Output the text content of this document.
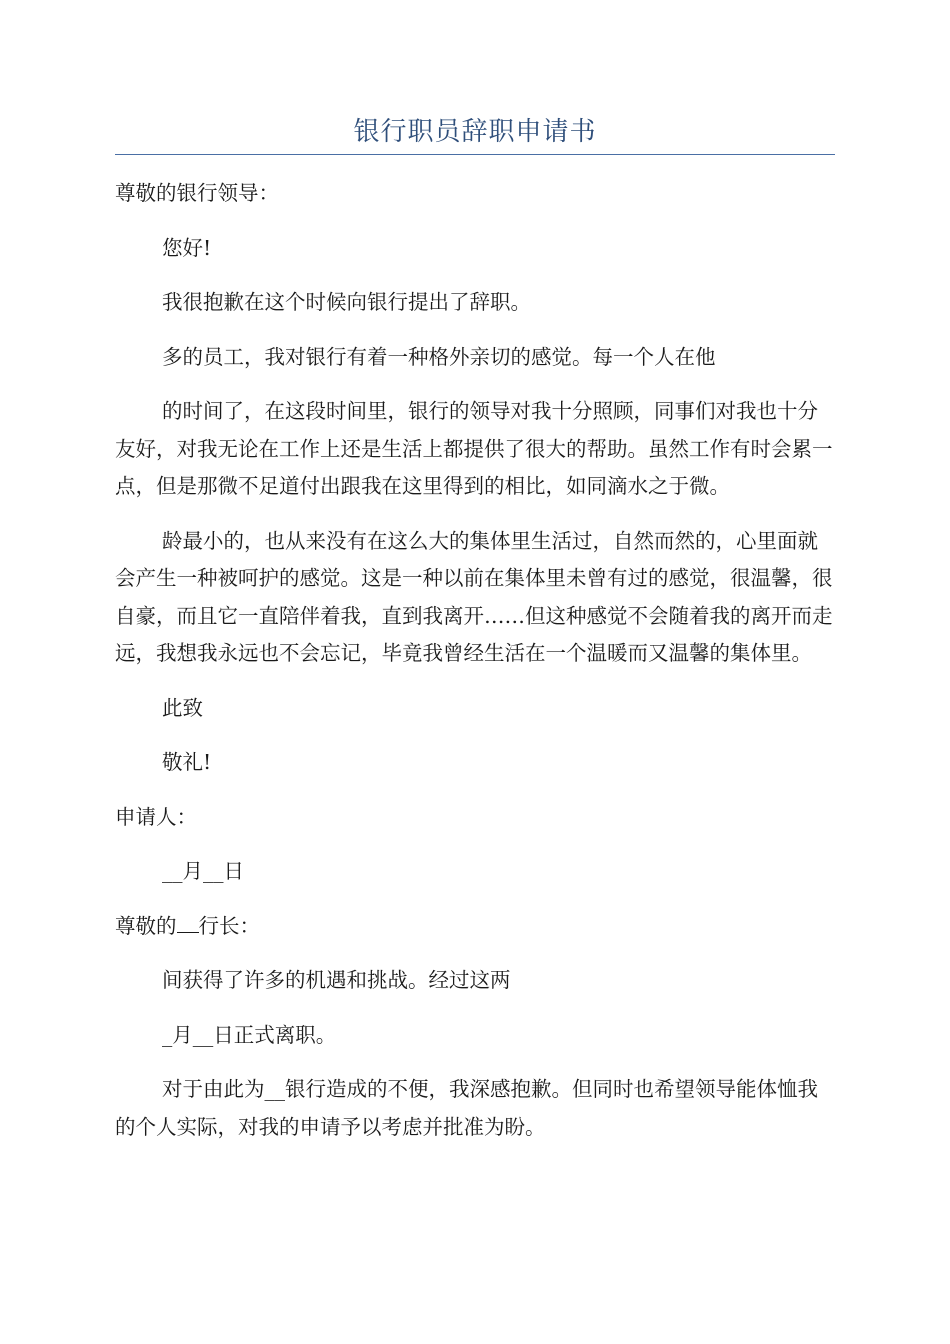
银行职员辞职申请书

尊敬的银行领导：

您好!

我很抱歉在这个时候向银行提出了辞职。

多的员工，我对银行有着一种格外亲切的感觉。每一个人在他

的时间了，在这段时间里，银行的领导对我十分照顾，同事们对我也十分友好，对我无论在工作上还是生活上都提供了很大的帮助。虽然工作有时会累一点，但是那微不足道付出跟我在这里得到的相比，如同滴水之于微。

龄最小的，也从来没有在这么大的集体里生活过，自然而然的，心里面就会产生一种被呵护的感觉。这是一种以前在集体里未曾有过的感觉，很温馨，很自豪，而且它一直陪伴着我，直到我离开……但这种感觉不会随着我的离开而走远，我想我永远也不会忘记，毕竟我曾经生活在一个温暖而又温馨的集体里。

此致

敬礼!

申请人：

__月__日

尊敬的 行长：

间获得了许多的机遇和挑战。经过这两

_月__日正式离职。

对于由此为__银行造成的不便，我深感抱歉。但同时也希望领导能体恤我的个人实际，对我的申请予以考虑并批准为盼。
